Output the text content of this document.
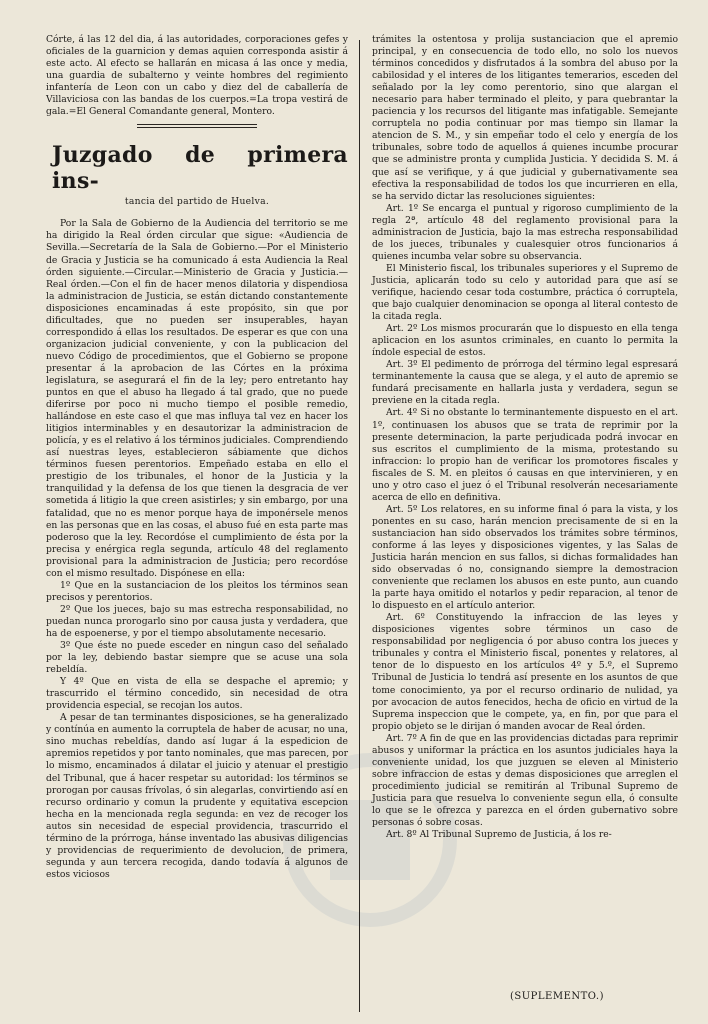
Córte, á las 12 del dia, á las autoridades, corporaciones gefes y oficiales de la guarnicion y demas aquien corresponda asistir á este acto. Al efecto se hallarán en micasa á las once y media, una guardia de subalterno y veinte hombres del regimiento infantería de Leon con un cabo y diez del de caballería de Villaviciosa con las bandas de los cuerpos.=La tropa vestirá de gala.=El General Comandante general, Montero.

Juzgado de primera ins-
tancia del partido de Huelva.

Por la Sala de Gobierno de la Audiencia del territorio se me ha dirigido la Real órden circular que sigue: «Audiencia de Sevilla.—Secretaría de la Sala de Gobierno.—Por el Ministerio de Gracia y Justicia se ha comunicado á esta Audiencia la Real órden siguiente.—Circular.—Ministerio de Gracia y Justicia.—Real órden.—Con el fin de hacer menos dilatoria y dispendiosa la administracion de Justicia, se están dictando constantemente disposiciones encaminadas á este propósito, sin que por dificultades, que no pueden ser insuperables, hayan correspondido á ellas los resultados. De esperar es que con una organizacion judicial conveniente, y con la publicacion del nuevo Código de procedimientos, que el Gobierno se propone presentar á la aprobacion de las Córtes en la próxima legislatura, se asegurará el fin de la ley; pero entretanto hay puntos en que el abuso ha llegado á tal grado, que no puede diferirse por poco ni mucho tiempo el posible remedio, hallándose en este caso el que mas influya tal vez en hacer los litigios interminables y en desautorizar la administracion de policía, y es el relativo á los términos judiciales. Comprendiendo así nuestras leyes, establecieron sábiamente que dichos términos fuesen perentorios. Empeñado estaba en ello el prestigio de los tribunales, el honor de la Justicia y la tranquilidad y la defensa de los que tienen la desgracia de ver sometida á litigio la que creen asistirles; y sin embargo, por una fatalidad, que no es menor porque haya de imponérsele menos en las personas que en las cosas, el abuso fué en esta parte mas poderoso que la ley. Recordóse el cumplimiento de ésta por la precisa y enérgica regla segunda, artículo 48 del reglamento provisional para la administracion de Justicia; pero recordóse con el mismo resultado. Dispónese en ella:

1º Que en la sustanciacion de los pleitos los términos sean precisos y perentorios.

2º Que los jueces, bajo su mas estrecha responsabilidad, no puedan nunca prorogarlo sino por causa justa y verdadera, que ha de espoenerse, y por el tiempo absolutamente necesario.

3º Que éste no puede esceder en ningun caso del señalado por la ley, debiendo bastar siempre que se acuse una sola rebeldía.

Y 4º Que en vista de ella se despache el apremio; y trascurrido el término concedido, sin necesidad de otra providencia especial, se recojan los autos.

A pesar de tan terminantes disposiciones, se ha generalizado y contínúa en aumento la corruptela de haber de acusar, no una, sino muchas rebeldías, dando así lugar á la espedicion de apremios repetidos y por tanto nominales, que mas parecen, por lo mismo, encaminados á dilatar el juicio y atenuar el prestigio del Tribunal, que á hacer respetar su autoridad: los términos se prorogan por causas frívolas, ó sin alegarlas, convirtiendo así en recurso ordinario y comun la prudente y equitativa escepcion hecha en la mencionada regla segunda: en vez de recoger los autos sin necesidad de especial providencia, trascurrido el término de la prórroga, hánse inventado las abusivas diligencias y providencias de requerimiento de devolucion, de primera, segunda y aun tercera recogida, dando todavía á algunos de estos viciosos

trámites la ostentosa y prolija sustanciacion que el apremio principal, y en consecuencia de todo ello, no solo los nuevos términos concedidos y disfrutados á la sombra del abuso por la cabilosidad y el interes de los litigantes temerarios, esceden del señalado por la ley como perentorio, sino que alargan el necesario para haber terminado el pleito, y para quebrantar la paciencia y los recursos del litigante mas infatigable. Semejante corruptela no podia continuar por mas tiempo sin llamar la atencion de S. M., y sin empeñar todo el celo y energía de los tribunales, sobre todo de aquellos á quienes incumbe procurar que se administre pronta y cumplida Justicia. Y decidida S. M. á que así se verifique, y á que judicial y gubernativamente sea efectiva la responsabilidad de todos los que incurrieren en ella, se ha servido dictar las resoluciones siguientes:

Art. 1º Se encarga el puntual y rigoroso cumplimiento de la regla 2ª, artículo 48 del reglamento provisional para la administracion de Justicia, bajo la mas estrecha responsabilidad de los jueces, tribunales y cualesquier otros funcionarios á quienes incumba velar sobre su observancia.

El Ministerio fiscal, los tribunales superiores y el Supremo de Justicia, aplicarán todo su celo y autoridad para que así se verifique, haciendo cesar toda costumbre, práctica ó corruptela, que bajo cualquier denominacion se oponga al literal contesto de la citada regla.

Art. 2º Los mismos procurarán que lo dispuesto en ella tenga aplicacion en los asuntos criminales, en cuanto lo permita la índole especial de estos.

Art. 3º El pedimento de prórroga del término legal espresará terminantemente la causa que se alega, y el auto de apremio se fundará precisamente en hallarla justa y verdadera, segun se previene en la citada regla.

Art. 4º Si no obstante lo terminantemente dispuesto en el art. 1º, continuasen los abusos que se trata de reprimir por la presente determinacion, la parte perjudicada podrá invocar en sus escritos el cumplimiento de la misma, protestando su infraccion: lo propio han de verificar los promotores fiscales y fiscales de S. M. en pleitos ó causas en que intervinieren, y en uno y otro caso el juez ó el Tribunal resolverán necesariamente acerca de ello en definitiva.

Art. 5º Los relatores, en su informe final ó para la vista, y los ponentes en su caso, harán mencion precisamente de si en la sustanciacion han sido observados los trámites sobre términos, conforme á las leyes y disposiciones vigentes, y las Salas de Justicia harán mencion en sus fallos, si dichas formalidades han sido observadas ó no, consignando siempre la demostracion conveniente que reclamen los abusos en este punto, aun cuando la parte haya omitido el notarlos y pedir reparacion, al tenor de lo dispuesto en el artículo anterior.

Art. 6º Constituyendo la infraccion de las leyes y disposiciones vigentes sobre términos un caso de responsabilidad por negligencia ó por abuso contra los jueces y tribunales y contra el Ministerio fiscal, ponentes y relatores, al tenor de lo dispuesto en los artículos 4º y 5.º, el Supremo Tribunal de Justicia lo tendrá así presente en los asuntos de que tome conocimiento, ya por el recurso ordinario de nulidad, ya por avocacion de autos fenecidos, hecha de oficio en virtud de la Suprema inspeccion que le compete, ya, en fin, por que para el propio objeto se le dirijan ó manden avocar de Real órden.

Art. 7º A fin de que en las providencias dictadas para reprimir abusos y uniformar la práctica en los asuntos judiciales haya la conveniente unidad, los que juzguen se eleven al Ministerio sobre infraccion de estas y demas disposiciones que arreglen el procedimiento judicial se remitirán al Tribunal Supremo de Justicia para que resuelva lo conveniente segun ella, ó consulte lo que se le ofrezca y parezca en el órden gubernativo sobre personas ó sobre cosas.

Art. 8º Al Tribunal Supremo de Justicia, á los re-

(SUPLEMENTO.)
